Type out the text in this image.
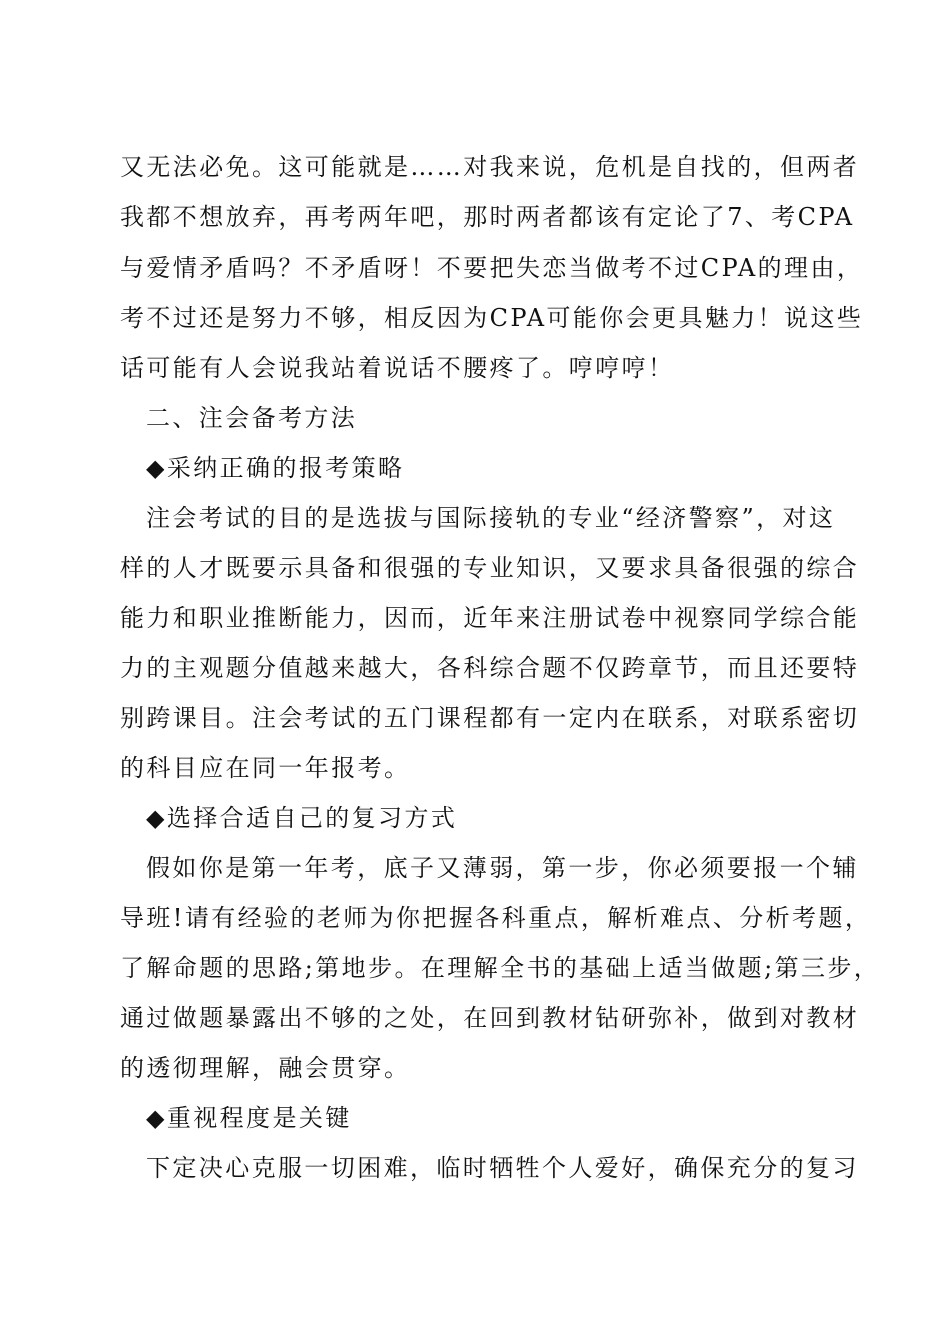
又无法必免。这可能就是……对我来说，危机是自找的，但两者
我都不想放弃，再考两年吧，那时两者都该有定论了7、考CPA
与爱情矛盾吗？不矛盾呀！不要把失恋当做考不过CPA的理由，
考不过还是努力不够，相反因为CPA可能你会更具魅力！说这些
话可能有人会说我站着说话不腰疼了。哼哼哼！
二、注会备考方法
◆采纳正确的报考策略
注会考试的目的是选拔与国际接轨的专业“经济警察”，对这
样的人才既要示具备和很强的专业知识，又要求具备很强的综合
能力和职业推断能力，因而，近年来注册试卷中视察同学综合能
力的主观题分值越来越大，各科综合题不仅跨章节，而且还要特
别跨课目。注会考试的五门课程都有一定内在联系，对联系密切
的科目应在同一年报考。
◆选择合适自己的复习方式
假如你是第一年考，底子又薄弱，第一步，你必须要报一个辅
导班!请有经验的老师为你把握各科重点，解析难点、分析考题，
了解命题的思路;第地步。在理解全书的基础上适当做题;第三步，
通过做题暴露出不够的之处，在回到教材钻研弥补，做到对教材
的透彻理解，融会贯穿。
◆重视程度是关键
下定决心克服一切困难，临时牺牲个人爱好，确保充分的复习
